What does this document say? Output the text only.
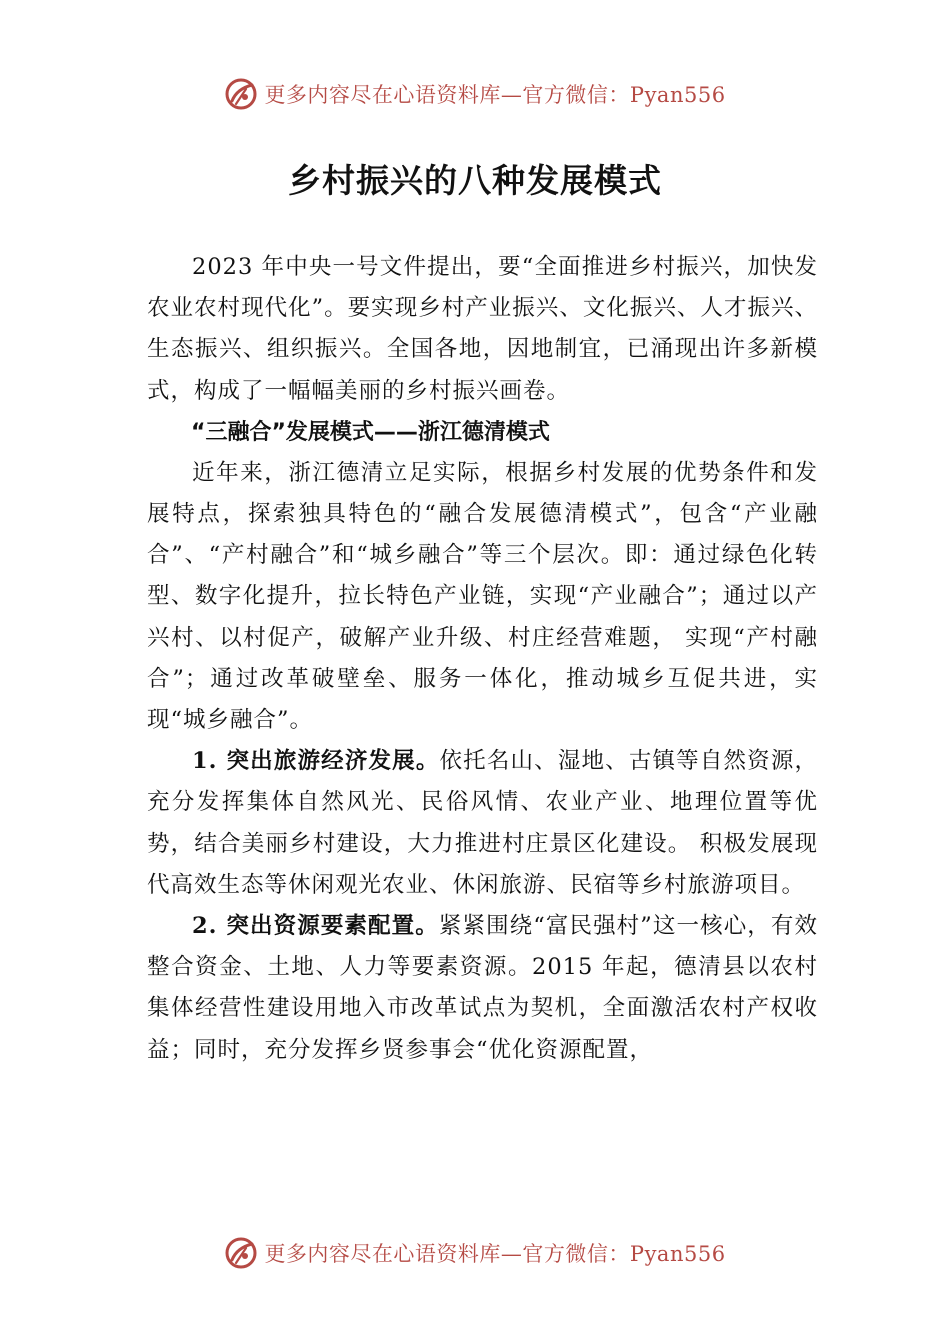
更多内容尽在心语资料库—官方微信：Pyan556
乡村振兴的八种发展模式

2023 年中央一号文件提出，要“全面推进乡村振兴，加快发农业农村现代化”。要实现乡村产业振兴、文化振兴、人才振兴、生态振兴、组织振兴。全国各地，因地制宜，已涌现出许多新模式，构成了一幅幅美丽的乡村振兴画卷。

“三融合”发展模式——浙江德清模式

近年来，浙江德清立足实际，根据乡村发展的优势条件和发展特点，探索独具特色的“融合发展德清模式”，包含“产业融合”、“产村融合”和“城乡融合”等三个层次。即：通过绿色化转型、数字化提升，拉长特色产业链，实现“产业融合”；通过以产兴村、以村促产，破解产业升级、村庄经营难题， 实现“产村融合”；通过改革破壁垒、服务一体化，推动城乡互促共进，实现“城乡融合”。

1. 突出旅游经济发展。依托名山、湿地、古镇等自然资源，充分发挥集体自然风光、民俗风情、农业产业、地理位置等优势，结合美丽乡村建设，大力推进村庄景区化建设。 积极发展现代高效生态等休闲观光农业、休闲旅游、民宿等乡村旅游项目。

2. 突出资源要素配置。紧紧围绕“富民强村”这一核心，有效整合资金、土地、人力等要素资源。2015 年起，德清县以农村集体经营性建设用地入市改革试点为契机，全面激活农村产权收益；同时，充分发挥乡贤参事会“优化资源配置，

更多内容尽在心语资料库—官方微信：Pyan556
